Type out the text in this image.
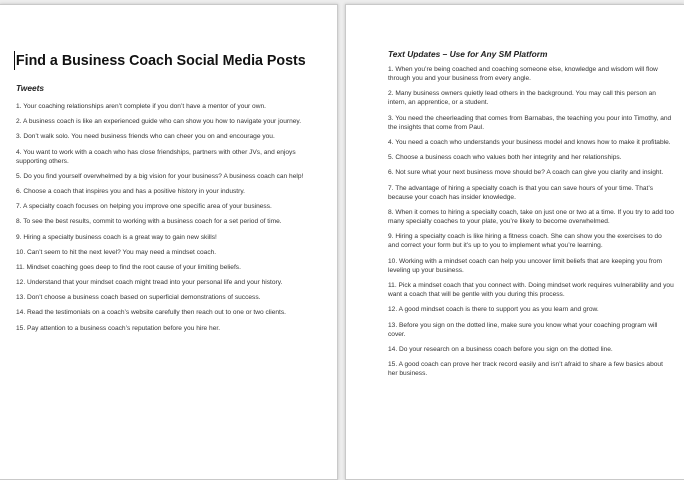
Find a Business Coach Social Media Posts
Tweets
1. Your coaching relationships aren’t complete if you don’t have a mentor of your own.
2. A business coach is like an experienced guide who can show you how to navigate your journey.
3. Don’t walk solo. You need business friends who can cheer you on and encourage you.
4. You want to work with a coach who has close friendships, partners with other JVs, and enjoys supporting others.
5. Do you find yourself overwhelmed by a big vision for your business? A business coach can help!
6. Choose a coach that inspires you and has a positive history in your industry.
7. A specialty coach focuses on helping you improve one specific area of your business.
8. To see the best results, commit to working with a business coach for a set period of time.
9. Hiring a specialty business coach is a great way to gain new skills!
10. Can’t seem to hit the next level? You may need a mindset coach.
11. Mindset coaching goes deep to find the root cause of your limiting beliefs.
12. Understand that your mindset coach might tread into your personal life and your history.
13. Don’t choose a business coach based on superficial demonstrations of success.
14. Read the testimonials on a coach’s website carefully then reach out to one or two clients.
15. Pay attention to a business coach’s reputation before you hire her.
Text Updates – Use for Any SM Platform
1. When you’re being coached and coaching someone else, knowledge and wisdom will flow through you and your business from every angle.
2. Many business owners quietly lead others in the background. You may call this person an intern, an apprentice, or a student.
3. You need the cheerleading that comes from Barnabas, the teaching you pour into Timothy, and the insights that come from Paul.
4. You need a coach who understands your business model and knows how to make it profitable.
5. Choose a business coach who values both her integrity and her relationships.
6. Not sure what your next business move should be? A coach can give you clarity and insight.
7. The advantage of hiring a specialty coach is that you can save hours of your time. That’s because your coach has insider knowledge.
8. When it comes to hiring a specialty coach, take on just one or two at a time. If you try to add too many specialty coaches to your plate, you’re likely to become overwhelmed.
9. Hiring a specialty coach is like hiring a fitness coach. She can show you the exercises to do and correct your form but it’s up to you to implement what you’re learning.
10. Working with a mindset coach can help you uncover limit beliefs that are keeping you from leveling up your business.
11. Pick a mindset coach that you connect with. Doing mindset work requires vulnerability and you want a coach that will be gentle with you during this process.
12. A good mindset coach is there to support you as you learn and grow.
13. Before you sign on the dotted line, make sure you know what your coaching program will cover.
14. Do your research on a business coach before you sign on the dotted line.
15. A good coach can prove her track record easily and isn’t afraid to share a few basics about her business.
